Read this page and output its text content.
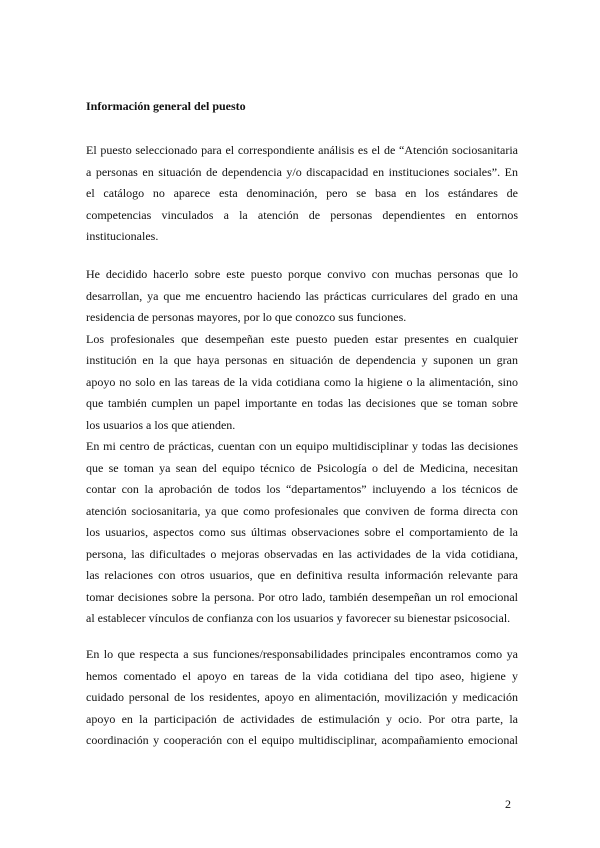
Información general del puesto

El puesto seleccionado para el correspondiente análisis es el de “Atención sociosanitaria
a personas en situación de dependencia y/o discapacidad en instituciones sociales”. En
el catálogo no aparece esta denominación, pero se basa en los estándares de
competencias vinculados a la atención de personas dependientes en entornos
institucionales.

He decidido hacerlo sobre este puesto porque convivo con muchas personas que lo
desarrollan, ya que me encuentro haciendo las prácticas curriculares del grado en una
residencia de personas mayores, por lo que conozco sus funciones.

Los profesionales que desempeñan este puesto pueden estar presentes en cualquier
institución en la que haya personas en situación de dependencia y suponen un gran
apoyo no solo en las tareas de la vida cotidiana como la higiene o la alimentación, sino
que también cumplen un papel importante en todas las decisiones que se toman sobre
los usuarios a los que atienden.

En mi centro de prácticas, cuentan con un equipo multidisciplinar y todas las decisiones
que se toman ya sean del equipo técnico de Psicología o del de Medicina, necesitan
contar con la aprobación de todos los “departamentos” incluyendo a los técnicos de
atención sociosanitaria, ya que como profesionales que conviven de forma directa con
los usuarios, aspectos como sus últimas observaciones sobre el comportamiento de la
persona, las dificultades o mejoras observadas en las actividades de la vida cotidiana,
las relaciones con otros usuarios, que en definitiva resulta información relevante para
tomar decisiones sobre la persona. Por otro lado, también desempeñan un rol emocional
al establecer vínculos de confianza con los usuarios y favorecer su bienestar psicosocial.

En lo que respecta a sus funciones/responsabilidades principales encontramos como ya
hemos comentado el apoyo en tareas de la vida cotidiana del tipo aseo, higiene y
cuidado personal de los residentes, apoyo en alimentación, movilización y medicación
apoyo en la participación de actividades de estimulación y ocio. Por otra parte, la
coordinación y cooperación con el equipo multidisciplinar, acompañamiento emocional

2
